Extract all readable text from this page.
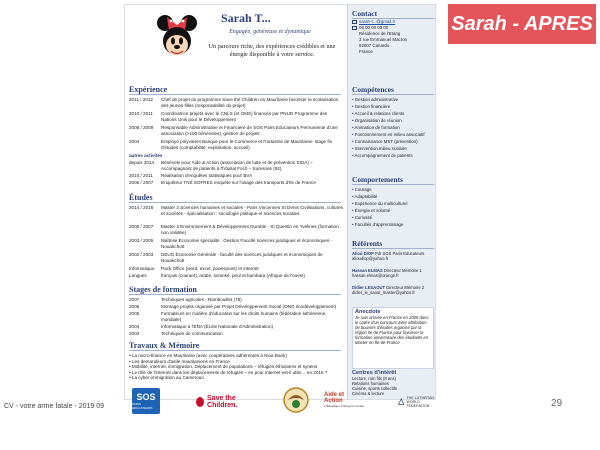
Sarah T...
Engagée, généreuse et dynamique
Un parcours riche, des expériences crédibles et une énergie disponible à votre service.
Expérience
2011 / 2012	Chef de projet du programme Save the Children en Mauritanie favoriser la scolarisation des jeunes filles (responsabilité du projet)
2010 / 2011	Coordinatrice projets avec le CNLS (et OMS) financés par PNUD Programme des Nations Unis pour le Développement
2008 / 2009	Responsable Administrative et Financière de SOS Paris Educateurs Permanente d'une association (>100 bénévoles), gestion de projets
2004	Employé polyvalent Banque pour le Commerce et l'Industrie de Mauritanie- stage fin d'études (comptabilité, exploitation, accueil)
autres activités
depuis 2014	Bénévole pour Aide & Action (association de lutte et de prévention SIDA) – Accompagnant de patients à l'hôpital Foch – Suresnes (92)
2010 / 2011	Réalisation d'enquêtes statistiques pour BVA
2006 / 2007	Enquêteur TNS SOFRES enquête sur l'usage des transports d'Ile de France
Études
2014 / 2016	Master 2 Sciences humaines et sociales - Paris Vincennes St Denis Civilisations, cultures et sociétés - spécialisation : sociologie politique et sciences sociales
2006 / 2007	Master 2 Environnement & Développement Durable - St Quentin en Yvelines (formation non validée)
2003 / 2005	Maîtrise Économie spécialité : Gestion Faculté sciences juridiques et économiques - Nouakchott
2002 / 2003	DEUG Économie Générale - faculté des sciences juridiques et économiques de Nouakchott
Informatique	Pack Office (word, excel, powerpoint) et internet
Langues	français (courant), arabe, soninké, peul et bambara (Afrique de l'ouest)
Stages de formation
2007	Techniques agricoles - Rambouillet (78)
2006	Montage projets organisé par Projet Développement Social (ONG écodéveloppement)
2005	Formateurs en matière d'éducation sur les droits humains (fédération luthérienne mondiale)
2004	Informatique à l'ENA (École Nationale d'Administration)
2003	Techniques de communication
Travaux & Mémoire
• La micro-finance en Mauritanie (avec coopératives adhérentes à Nioa Bank)
• Les demandeurs d'asile mauritaniens en France
• Mobilité, internet, immigration, Déplacement de populations – réfugiés éthiopiens et syriens
• Le rôle de l'internet dans les déplacements de réfugiés – en pour internet est-il utile… en 2015 ?
• La cyber-immigration au Cameroun
Contact
sarah-t...@gmail.fr
06 00 00 00 00
Résidence de l'Etang
3 rue Emmanuel Macron
92007 Canardo
France
Compétences
• Gestion administrative
• Gestion financière
• Accueil & relations clients
• Organisation de réunion
• Animation de formation
• Fonctionnement en milieu associatif
• Connaissance MST (prévention)
• Intervention milieu scolaire
• Accompagnement de patients
Comportements
• Courage
• Adaptabilité
• Expérience du multiculturel
• Énergie et volonté
• Curiosité
• Facultés d'apprentissage
Référents
Alioú DIOP PdI SOS Paris Educateurs
alioudiop@yahoo.fr
Hassan ELMAS Directeur Mémoire 1
hassan.elmas@orange.fr
Didier LESAOUT Directeur Mémoire 2
didier_le_saout_master@yahoo.fr
Anecdote
Je suis arrivée en France en 2006 dans le cadre d'un concours avec attribution de bourses d'études organisé par la région Ile de France pour favoriser la formation universitaire des étudiants en Master en Île-de-France
Centres d'intérêt
Lecture, rom fils (8 ans)
Relations humaines
Cuisine, sports collectifs
Cinéma & lecture
Sarah - APRES
SOS
PARIS EDUCATEURS
Save the Children.
Aide et Action
L'Éducation change le monde
THE LUTHERAN WORLD FEDERATION
CV - votre arme fatale - 2019 09	29
